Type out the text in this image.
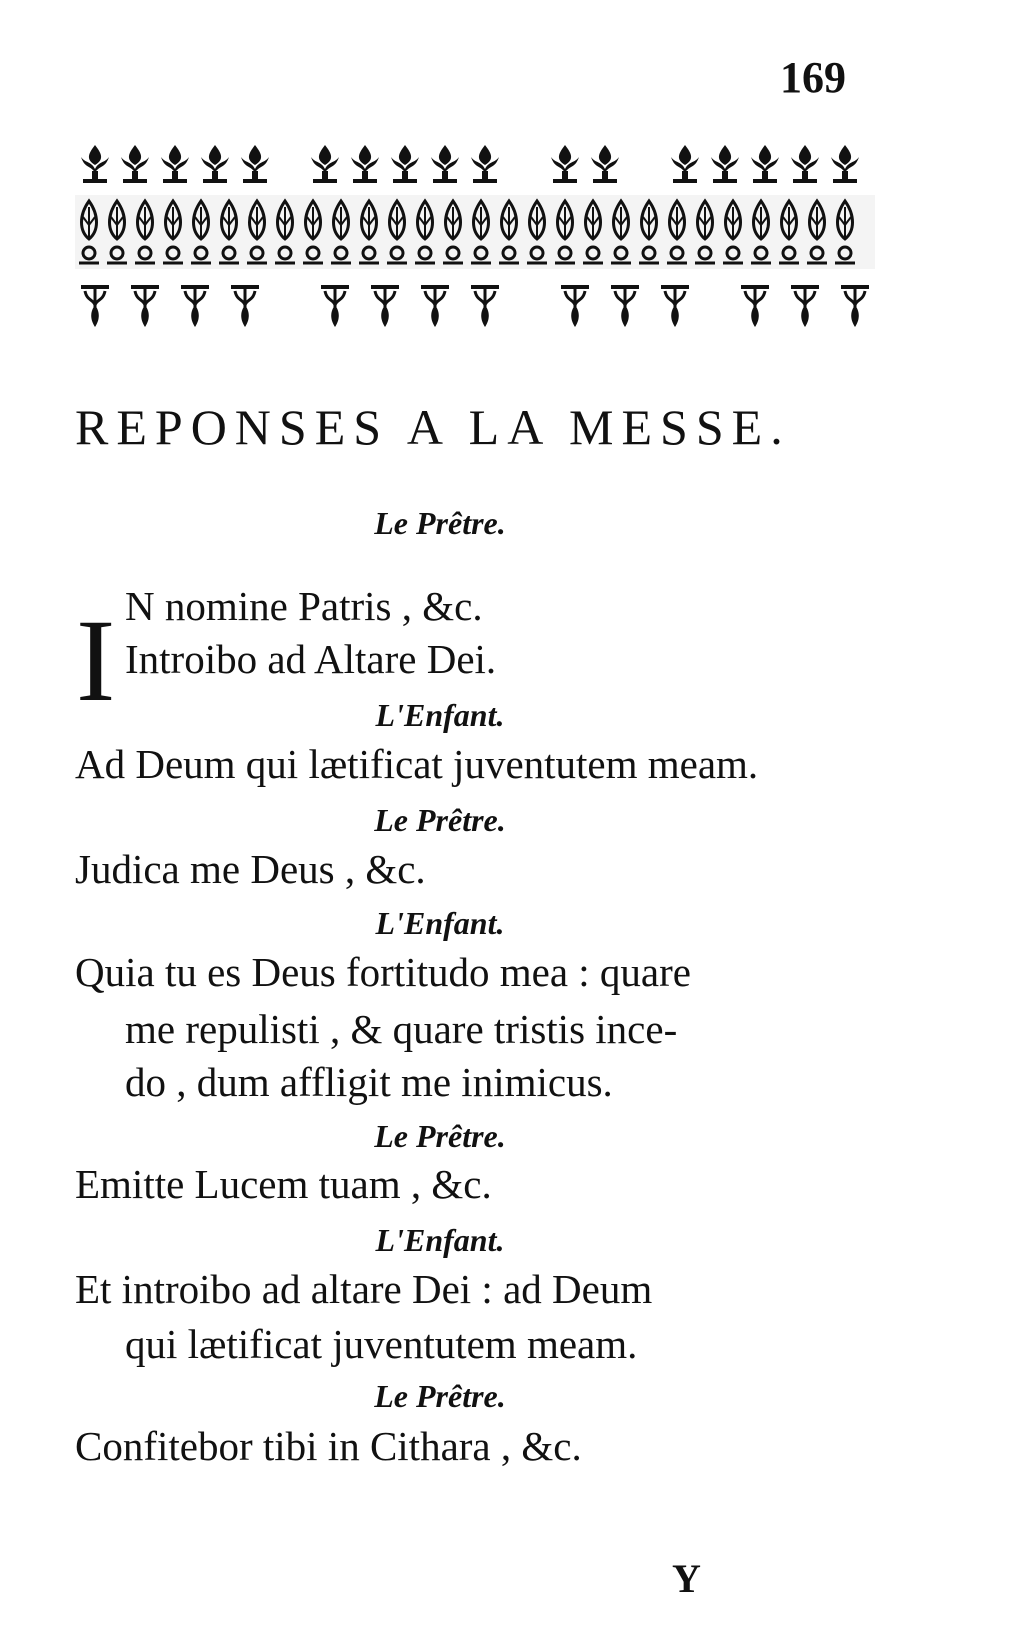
169
REPONSES A LA MESSE.
Le Prêtre.
I N nomine Patris , &c.
Introibo ad Altare Dei.
L'Enfant.
Ad Deum qui lætificat juventutem meam.
Le Prêtre.
Judica me Deus , &c.
L'Enfant.
Quia tu es Deus fortitudo mea : quare
me repulisti , & quare tristis ince-
do , dum affligit me inimicus.
Le Prêtre.
Emitte Lucem tuam , &c.
L'Enfant.
Et introibo ad altare Dei : ad Deum
qui lætificat juventutem meam.
Le Prêtre.
Confitebor tibi in Cithara , &c.
Y
